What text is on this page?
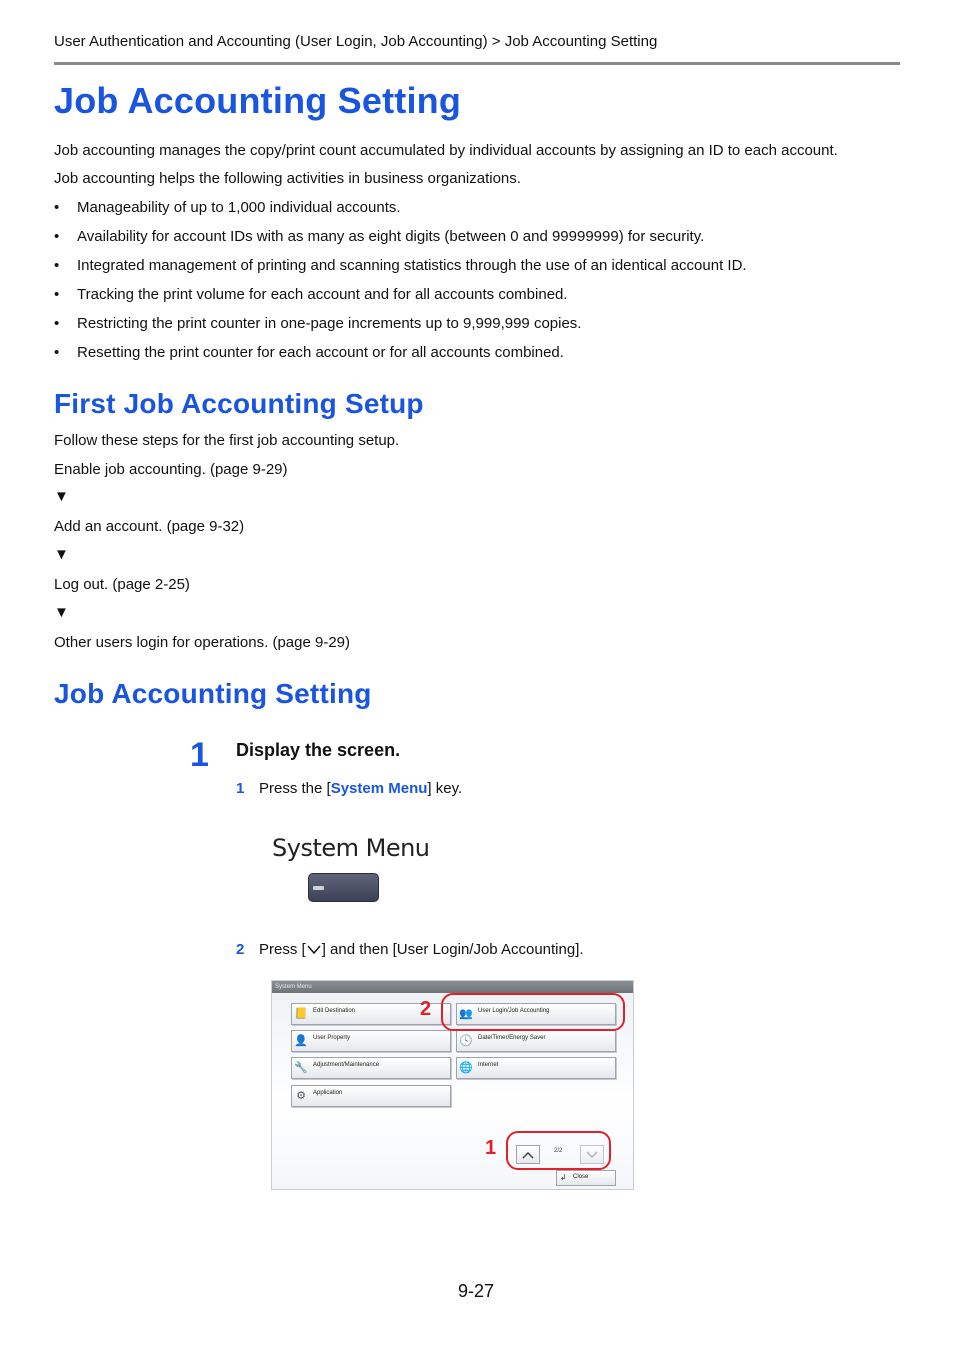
User Authentication and Accounting (User Login, Job Accounting) > Job Accounting Setting
Job Accounting Setting
Job accounting manages the copy/print count accumulated by individual accounts by assigning an ID to each account.
Job accounting helps the following activities in business organizations.
• Manageability of up to 1,000 individual accounts.
• Availability for account IDs with as many as eight digits (between 0 and 99999999) for security.
• Integrated management of printing and scanning statistics through the use of an identical account ID.
• Tracking the print volume for each account and for all accounts combined.
• Restricting the print counter in one-page increments up to 9,999,999 copies.
• Resetting the print counter for each account or for all accounts combined.
First Job Accounting Setup
Follow these steps for the first job accounting setup.
Enable job accounting. (page 9-29)
▼
Add an account. (page 9-32)
▼
Log out. (page 2-25)
▼
Other users login for operations. (page 9-29)
Job Accounting Setting
1 Display the screen.
1 Press the [System Menu] key.
System Menu
2 Press [ ] and then [User Login/Job Accounting].
System Menu
📒 Edit Destination
👤 User Property
🔧 Adjustment/Maintenance
⚙	Application
👥 User Login/Job Accounting
🕓 Date/Timer/Energy Saver
🌐 Internet
2/2
↲ Close
2
1
9-27
